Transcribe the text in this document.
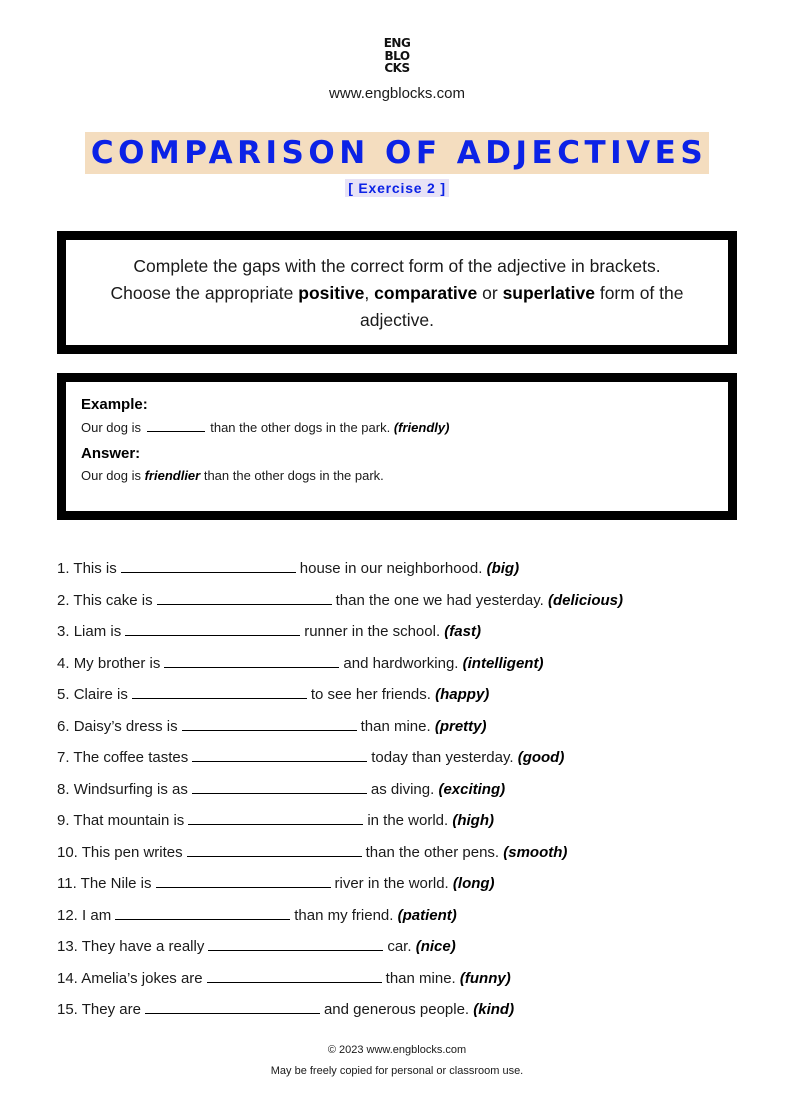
ENG
BLO
CKS
www.engblocks.com
COMPARISON OF ADJECTIVES
[ Exercise 2 ]
Complete the gaps with the correct form of the adjective in brackets.
Choose the appropriate positive, comparative or superlative form of the adjective.
Example:
Our dog is	than the other dogs in the park. (friendly)
Answer:
Our dog is friendlier than the other dogs in the park.
1. This is	house in our neighborhood. (big)
2. This cake is	than the one we had yesterday. (delicious)
3. Liam is	runner in the school. (fast)
4. My brother is	and hardworking. (intelligent)
5. Claire is	to see her friends. (happy)
6. Daisy’s dress is	than mine. (pretty)
7. The coffee tastes	today than yesterday. (good)
8. Windsurfing is as	as diving. (exciting)
9. That mountain is	in the world. (high)
10. This pen writes	than the other pens. (smooth)
11. The Nile is	river in the world. (long)
12. I am	than my friend. (patient)
13. They have a really	car. (nice)
14. Amelia’s jokes are	than mine. (funny)
15. They are	and generous people. (kind)
© 2023 www.engblocks.com
May be freely copied for personal or classroom use.
